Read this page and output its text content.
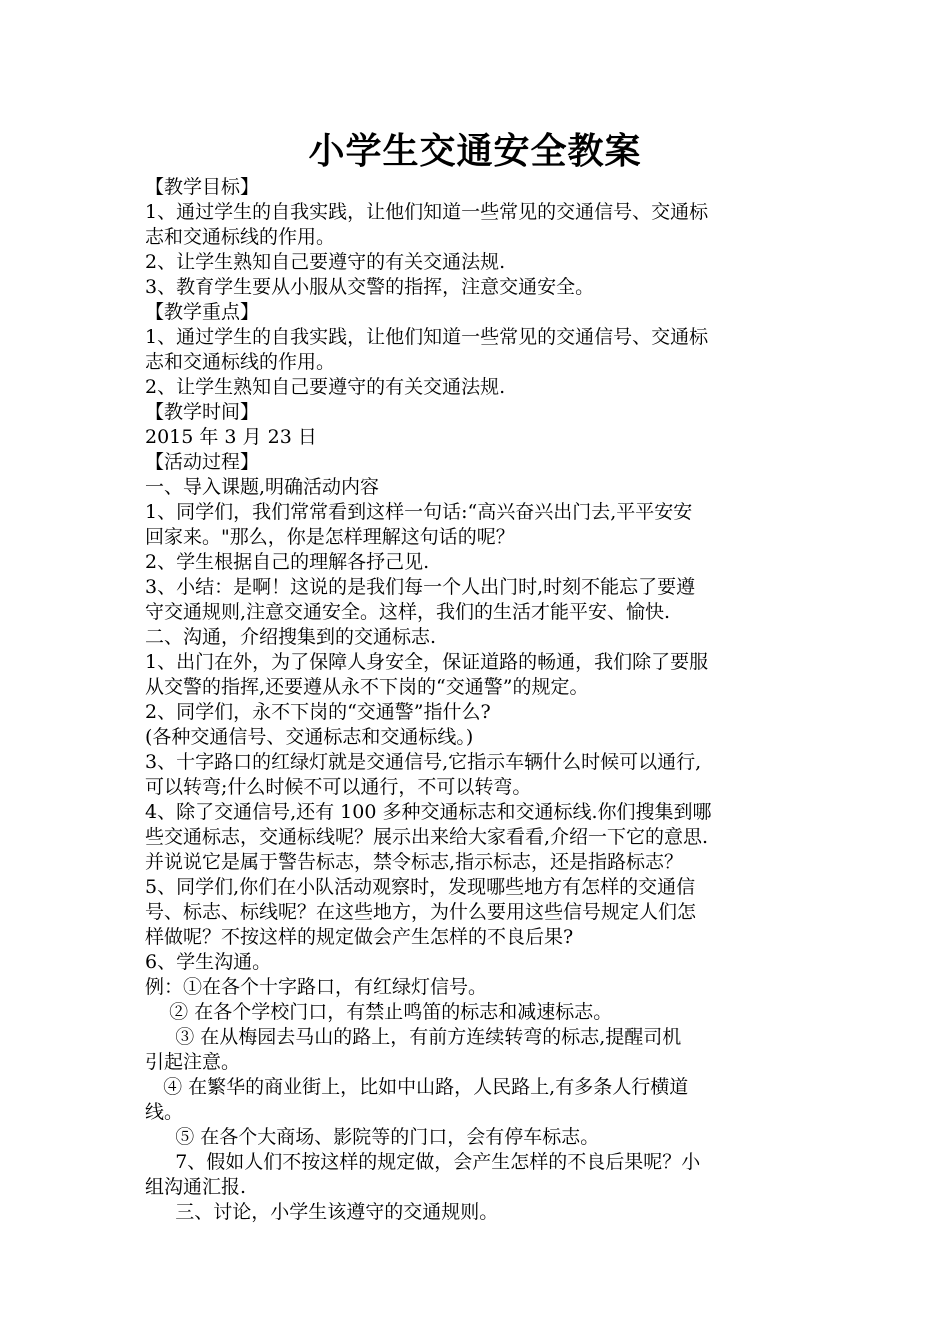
小学生交通安全教案
【教学目标】
1、通过学生的自我实践，让他们知道一些常见的交通信号、交通标
志和交通标线的作用。
2、让学生熟知自己要遵守的有关交通法规.
3、教育学生要从小服从交警的指挥，注意交通安全。
【教学重点】
1、通过学生的自我实践，让他们知道一些常见的交通信号、交通标
志和交通标线的作用。
2、让学生熟知自己要遵守的有关交通法规.
【教学时间】
2015 年 3 月 23 日
【活动过程】
一、导入课题,明确活动内容
1、同学们，我们常常看到这样一句话:“高兴奋兴出门去,平平安安
回家来。"那么，你是怎样理解这句话的呢？
2、学生根据自己的理解各抒己见.
3、小结：是啊！这说的是我们每一个人出门时,时刻不能忘了要遵
守交通规则,注意交通安全。这样，我们的生活才能平安、愉快.
二、沟通，介绍搜集到的交通标志.
1、出门在外，为了保障人身安全，保证道路的畅通，我们除了要服
从交警的指挥,还要遵从永不下岗的“交通警”的规定。
2、同学们，永不下岗的“交通警”指什么?
(各种交通信号、交通标志和交通标线。)
3、十字路口的红绿灯就是交通信号,它指示车辆什么时候可以通行,
可以转弯;什么时候不可以通行，不可以转弯。
4、除了交通信号,还有 100 多种交通标志和交通标线.你们搜集到哪
些交通标志，交通标线呢？展示出来给大家看看,介绍一下它的意思.
并说说它是属于警告标志，禁令标志,指示标志，还是指路标志？
5、同学们,你们在小队活动观察时，发现哪些地方有怎样的交通信
号、标志、标线呢？在这些地方，为什么要用这些信号规定人们怎
样做呢？不按这样的规定做会产生怎样的不良后果?
6、学生沟通。
例：①在各个十字路口，有红绿灯信号。
② 在各个学校门口，有禁止鸣笛的标志和减速标志。
③ 在从梅园去马山的路上，有前方连续转弯的标志,提醒司机
引起注意。
④ 在繁华的商业街上，比如中山路，人民路上,有多条人行横道
线。
⑤ 在各个大商场、影院等的门口，会有停车标志。
7、假如人们不按这样的规定做，会产生怎样的不良后果呢？小
组沟通汇报.
三、讨论，小学生该遵守的交通规则。
